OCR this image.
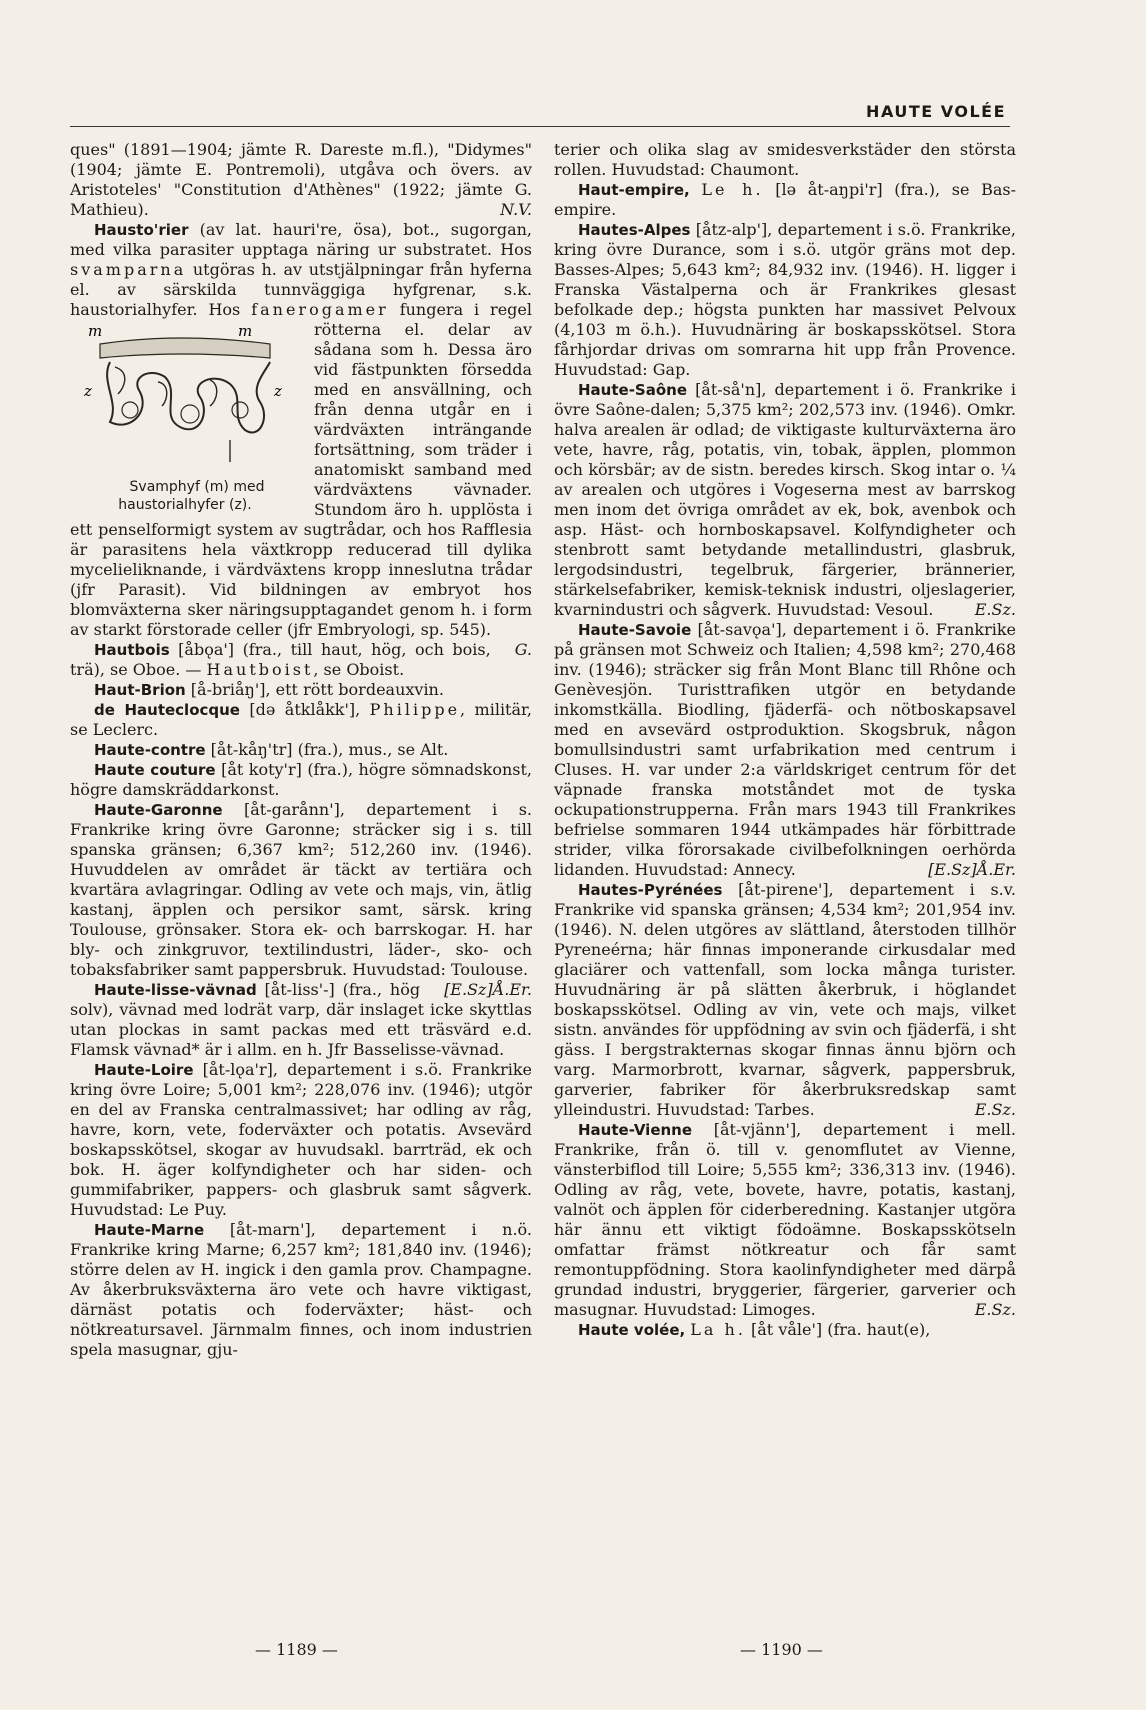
HAUTE VOLÉE

ques" (1891—1904; jämte R. Dareste m.fl.), "Didymes" (1904; jämte E. Pontremoli), utgåva och övers. av Aristoteles' "Constitution d'Athènes" (1922; jämte G. Mathieu).	N.V.

Hausto'rier (av lat. hauri're, ösa), bot., sugorgan, med vilka parasiter upptaga näring ur substratet. Hos svamparna utgöras h. av utstjälpningar från hyferna el. av särskilda tunnväggiga hyfgrenar, s.k. haustorialhyfer. Hos fanerogamer
m	m
z	z
Svamphyf (m) med haustorialhyfer (z).
fungera i regel rötterna el. delar av sådana som h. Dessa äro vid fästpunkten försedda med en ansvällning, och från denna utgår en i värdväxten inträngande fortsättning, som träder i anatomiskt samband med värdväxtens vävnader. Stundom äro h. upplösta i ett penselformigt system av sugtrådar, och hos Rafflesia är parasitens hela växtkropp reducerad till dylika mycelieliknande, i värdväxtens kropp inneslutna trådar (jfr Parasit). Vid bildningen av embryot hos blomväxterna sker näringsupptagandet genom h. i form av starkt förstorade celler (jfr Embryologi, sp. 545).
G.

Hautbois [åbǫa'] (fra., till haut, hög, och bois, trä), se Oboe. — Hautboist, se Oboist.

Haut-Brion [å-briåŋ'], ett rött bordeauxvin.

de Hauteclocque [də åtklåkk'], Philippe, militär, se Leclerc.

Haute-contre [åt-kåŋ'tr] (fra.), mus., se Alt.

Haute couture [åt koty'r] (fra.), högre sömnadskonst, högre damskräddarkonst.

Haute-Garonne [åt-garånn'], departement i s. Frankrike kring övre Garonne; sträcker sig i s. till spanska gränsen; 6,367 km²; 512,260 inv. (1946). Huvuddelen av området är täckt av tertiära och kvartära avlagringar. Odling av vete och majs, vin, ätlig kastanj, äpplen och persikor samt, särsk. kring Toulouse, grönsaker. Stora ek- och barrskogar. H. har bly- och zinkgruvor, textilindustri, läder-, sko- och tobaksfabriker samt pappersbruk. Huvudstad: Toulouse.
[E.Sz]Å.Er.

Haute-lisse-vävnad [åt-liss'-] (fra., hög solv), vävnad med lodrät varp, där inslaget icke skyttlas utan plockas in samt packas med ett träsvärd e.d. Flamsk vävnad* är i allm. en h. Jfr Basselisse-vävnad.

Haute-Loire [åt-lǫa'r], departement i s.ö. Frankrike kring övre Loire; 5,001 km²; 228,076 inv. (1946); utgör en del av Franska centralmassivet; har odling av råg, havre, korn, vete, foderväxter och potatis. Avsevärd boskapsskötsel, skogar av huvudsakl. barrträd, ek och bok. H. äger kolfyndigheter och har siden- och gummifabriker, pappers- och glasbruk samt sågverk. Huvudstad: Le Puy.

Haute-Marne [åt-marn'], departement i n.ö. Frankrike kring Marne; 6,257 km²; 181,840 inv. (1946); större delen av H. ingick i den gamla prov. Champagne. Av åkerbruksväxterna äro vete och havre viktigast, därnäst potatis och foderväxter; häst- och nötkreatursavel. Järnmalm finnes, och inom industrien spela masugnar, gju-

terier och olika slag av smidesverkstäder den största rollen. Huvudstad: Chaumont.

Haut-empire, Le h. [lə åt-aŋpi'r] (fra.), se Bas-empire.

Hautes-Alpes [åtz-alp'], departement i s.ö. Frankrike, kring övre Durance, som i s.ö. utgör gräns mot dep. Basses-Alpes; 5,643 km²; 84,932 inv. (1946). H. ligger i Franska Västalperna och är Frankrikes glesast befolkade dep.; högsta punkten har massivet Pelvoux (4,103 m ö.h.). Huvudnäring är boskapsskötsel. Stora fårhjordar drivas om somrarna hit upp från Provence. Huvudstad: Gap.

Haute-Saône [åt-så'n], departement i ö. Frankrike i övre Saône-dalen; 5,375 km²; 202,573 inv. (1946). Omkr. halva arealen är odlad; de viktigaste kulturväxterna äro vete, havre, råg, potatis, vin, tobak, äpplen, plommon och körsbär; av de sistn. beredes kirsch. Skog intar o. ¼ av arealen och utgöres i Vogeserna mest av barrskog men inom det övriga området av ek, bok, avenbok och asp. Häst- och hornboskapsavel. Kolfyndigheter och stenbrott samt betydande metallindustri, glasbruk, lergodsindustri, tegelbruk, färgerier, brännerier, stärkelsefabriker, kemisk-teknisk industri, oljeslagerier, kvarnindustri och sågverk. Huvudstad: Vesoul.	E.Sz.

Haute-Savoie [åt-savǫa'], departement i ö. Frankrike på gränsen mot Schweiz och Italien; 4,598 km²; 270,468 inv. (1946); sträcker sig från Mont Blanc till Rhône och Genèvesjön. Turisttrafiken utgör en betydande inkomstkälla. Biodling, fjäderfä- och nötboskapsavel med en avsevärd ostproduktion. Skogsbruk, någon bomullsindustri samt urfabrikation med centrum i Cluses. H. var under 2:a världskriget centrum för det väpnade franska motståndet mot de tyska ockupationstrupperna. Från mars 1943 till Frankrikes befrielse sommaren 1944 utkämpades här förbittrade strider, vilka förorsakade civilbefolkningen oerhörda lidanden. Huvudstad: Annecy.	[E.Sz]Å.Er.

Hautes-Pyrénées [åt-pirene'], departement i s.v. Frankrike vid spanska gränsen; 4,534 km²; 201,954 inv. (1946). N. delen utgöres av slättland, återstoden tillhör Pyreneérna; här finnas imponerande cirkusdalar med glaciärer och vattenfall, som locka många turister. Huvudnäring är på slätten åkerbruk, i höglandet boskapsskötsel. Odling av vin, vete och majs, vilket sistn. användes för uppfödning av svin och fjäderfä, i sht gäss. I bergstrakternas skogar finnas ännu björn och varg. Marmorbrott, kvarnar, sågverk, pappersbruk, garverier, fabriker för åkerbruksredskap samt ylleindustri. Huvudstad: Tarbes.	E.Sz.

Haute-Vienne [åt-vjänn'], departement i mell. Frankrike, från ö. till v. genomflutet av Vienne, vänsterbiflod till Loire; 5,555 km²; 336,313 inv. (1946). Odling av råg, vete, bovete, havre, potatis, kastanj, valnöt och äpplen för ciderberedning. Kastanjer utgöra här ännu ett viktigt födoämne. Boskapsskötseln omfattar främst nötkreatur och får samt remontuppfödning. Stora kaolinfyndigheter med därpå grundad industri, bryggerier, färgerier, garverier och masugnar. Huvudstad: Limoges.	E.Sz.

Haute volée, La h. [åt våle'] (fra. haut(e),

— 1189 —	— 1190 —
